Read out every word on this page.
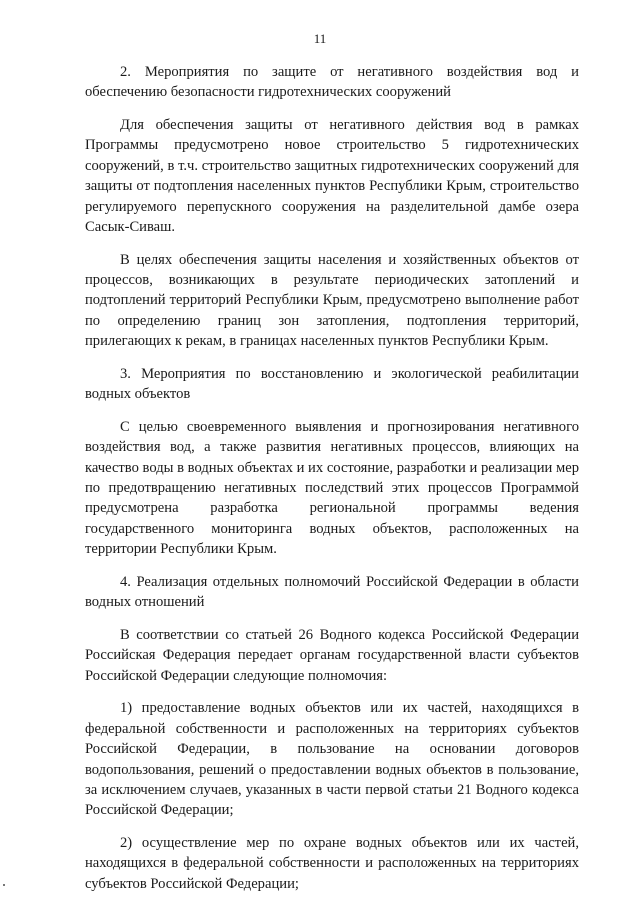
11

2. Мероприятия по защите от негативного воздействия вод и обеспечению безопасности гидротехнических сооружений

Для обеспечения защиты от негативного действия вод в рамках Программы предусмотрено новое строительство 5 гидротехнических сооружений, в т.ч. строительство защитных гидротехнических сооружений для защиты от подтопления населенных пунктов Республики Крым, строительство регулируемого перепускного сооружения на разделительной дамбе озера Сасык-Сиваш.

В целях обеспечения защиты населения и хозяйственных объектов от процессов, возникающих в результате периодических затоплений и подтоплений территорий Республики Крым, предусмотрено выполнение работ по определению границ зон затопления, подтопления территорий, прилегающих к рекам, в границах населенных пунктов Республики Крым.

3. Мероприятия по восстановлению и экологической реабилитации водных объектов

С целью своевременного выявления и прогнозирования негативного воздействия вод, а также развития негативных процессов, влияющих на качество воды в водных объектах и их состояние, разработки и реализации мер по предотвращению негативных последствий этих процессов Программой предусмотрена разработка региональной программы ведения государственного мониторинга водных объектов, расположенных на территории Республики Крым.

4. Реализация отдельных полномочий Российской Федерации в области водных отношений

В соответствии со статьей 26 Водного кодекса Российской Федерации Российская Федерация передает органам государственной власти субъектов Российской Федерации следующие полномочия:

1) предоставление водных объектов или их частей, находящихся в федеральной собственности и расположенных на территориях субъектов Российской Федерации, в пользование на основании договоров водопользования, решений о предоставлении водных объектов в пользование, за исключением случаев, указанных в части первой статьи 21 Водного кодекса Российской Федерации;

2) осуществление мер по охране водных объектов или их частей, находящихся в федеральной собственности и расположенных на территориях субъектов Российской Федерации;
